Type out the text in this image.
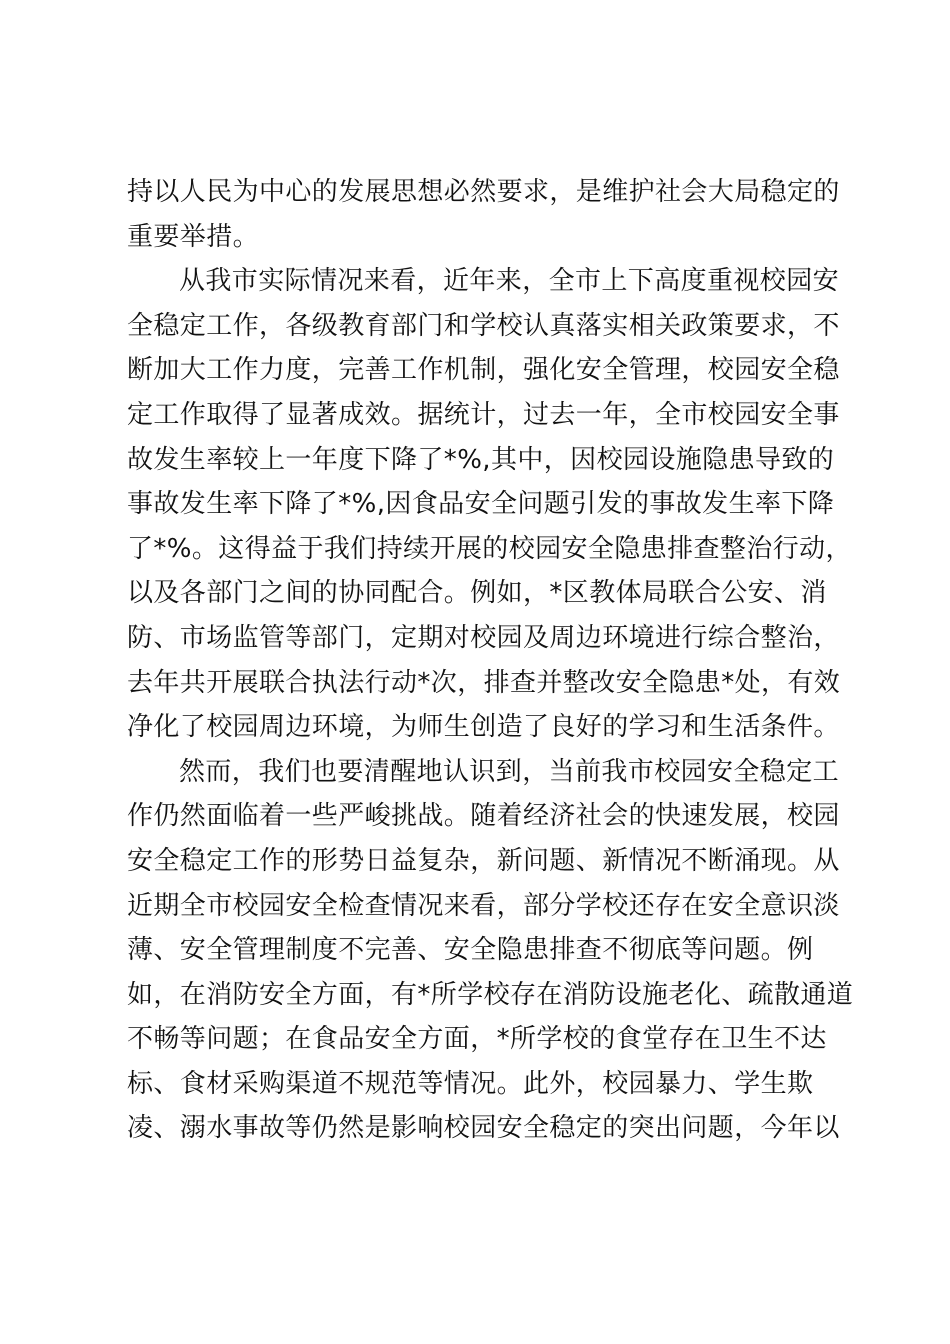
持以人民为中心的发展思想必然要求，是维护社会大局稳定的
重要举措。
从我市实际情况来看，近年来，全市上下高度重视校园安
全稳定工作，各级教育部门和学校认真落实相关政策要求，不
断加大工作力度，完善工作机制，强化安全管理，校园安全稳
定工作取得了显著成效。据统计，过去一年，全市校园安全事
故发生率较上一年度下降了*%,其中，因校园设施隐患导致的
事故发生率下降了*%,因食品安全问题引发的事故发生率下降
了*%。这得益于我们持续开展的校园安全隐患排查整治行动，
以及各部门之间的协同配合。例如，*区教体局联合公安、消
防、市场监管等部门，定期对校园及周边环境进行综合整治，
去年共开展联合执法行动*次，排查并整改安全隐患*处，有效
净化了校园周边环境，为师生创造了良好的学习和生活条件。
然而，我们也要清醒地认识到，当前我市校园安全稳定工
作仍然面临着一些严峻挑战。随着经济社会的快速发展，校园
安全稳定工作的形势日益复杂，新问题、新情况不断涌现。从
近期全市校园安全检查情况来看，部分学校还存在安全意识淡
薄、安全管理制度不完善、安全隐患排查不彻底等问题。例
如，在消防安全方面，有*所学校存在消防设施老化、疏散通道
不畅等问题；在食品安全方面，*所学校的食堂存在卫生不达
标、食材采购渠道不规范等情况。此外，校园暴力、学生欺
凌、溺水事故等仍然是影响校园安全稳定的突出问题，今年以
